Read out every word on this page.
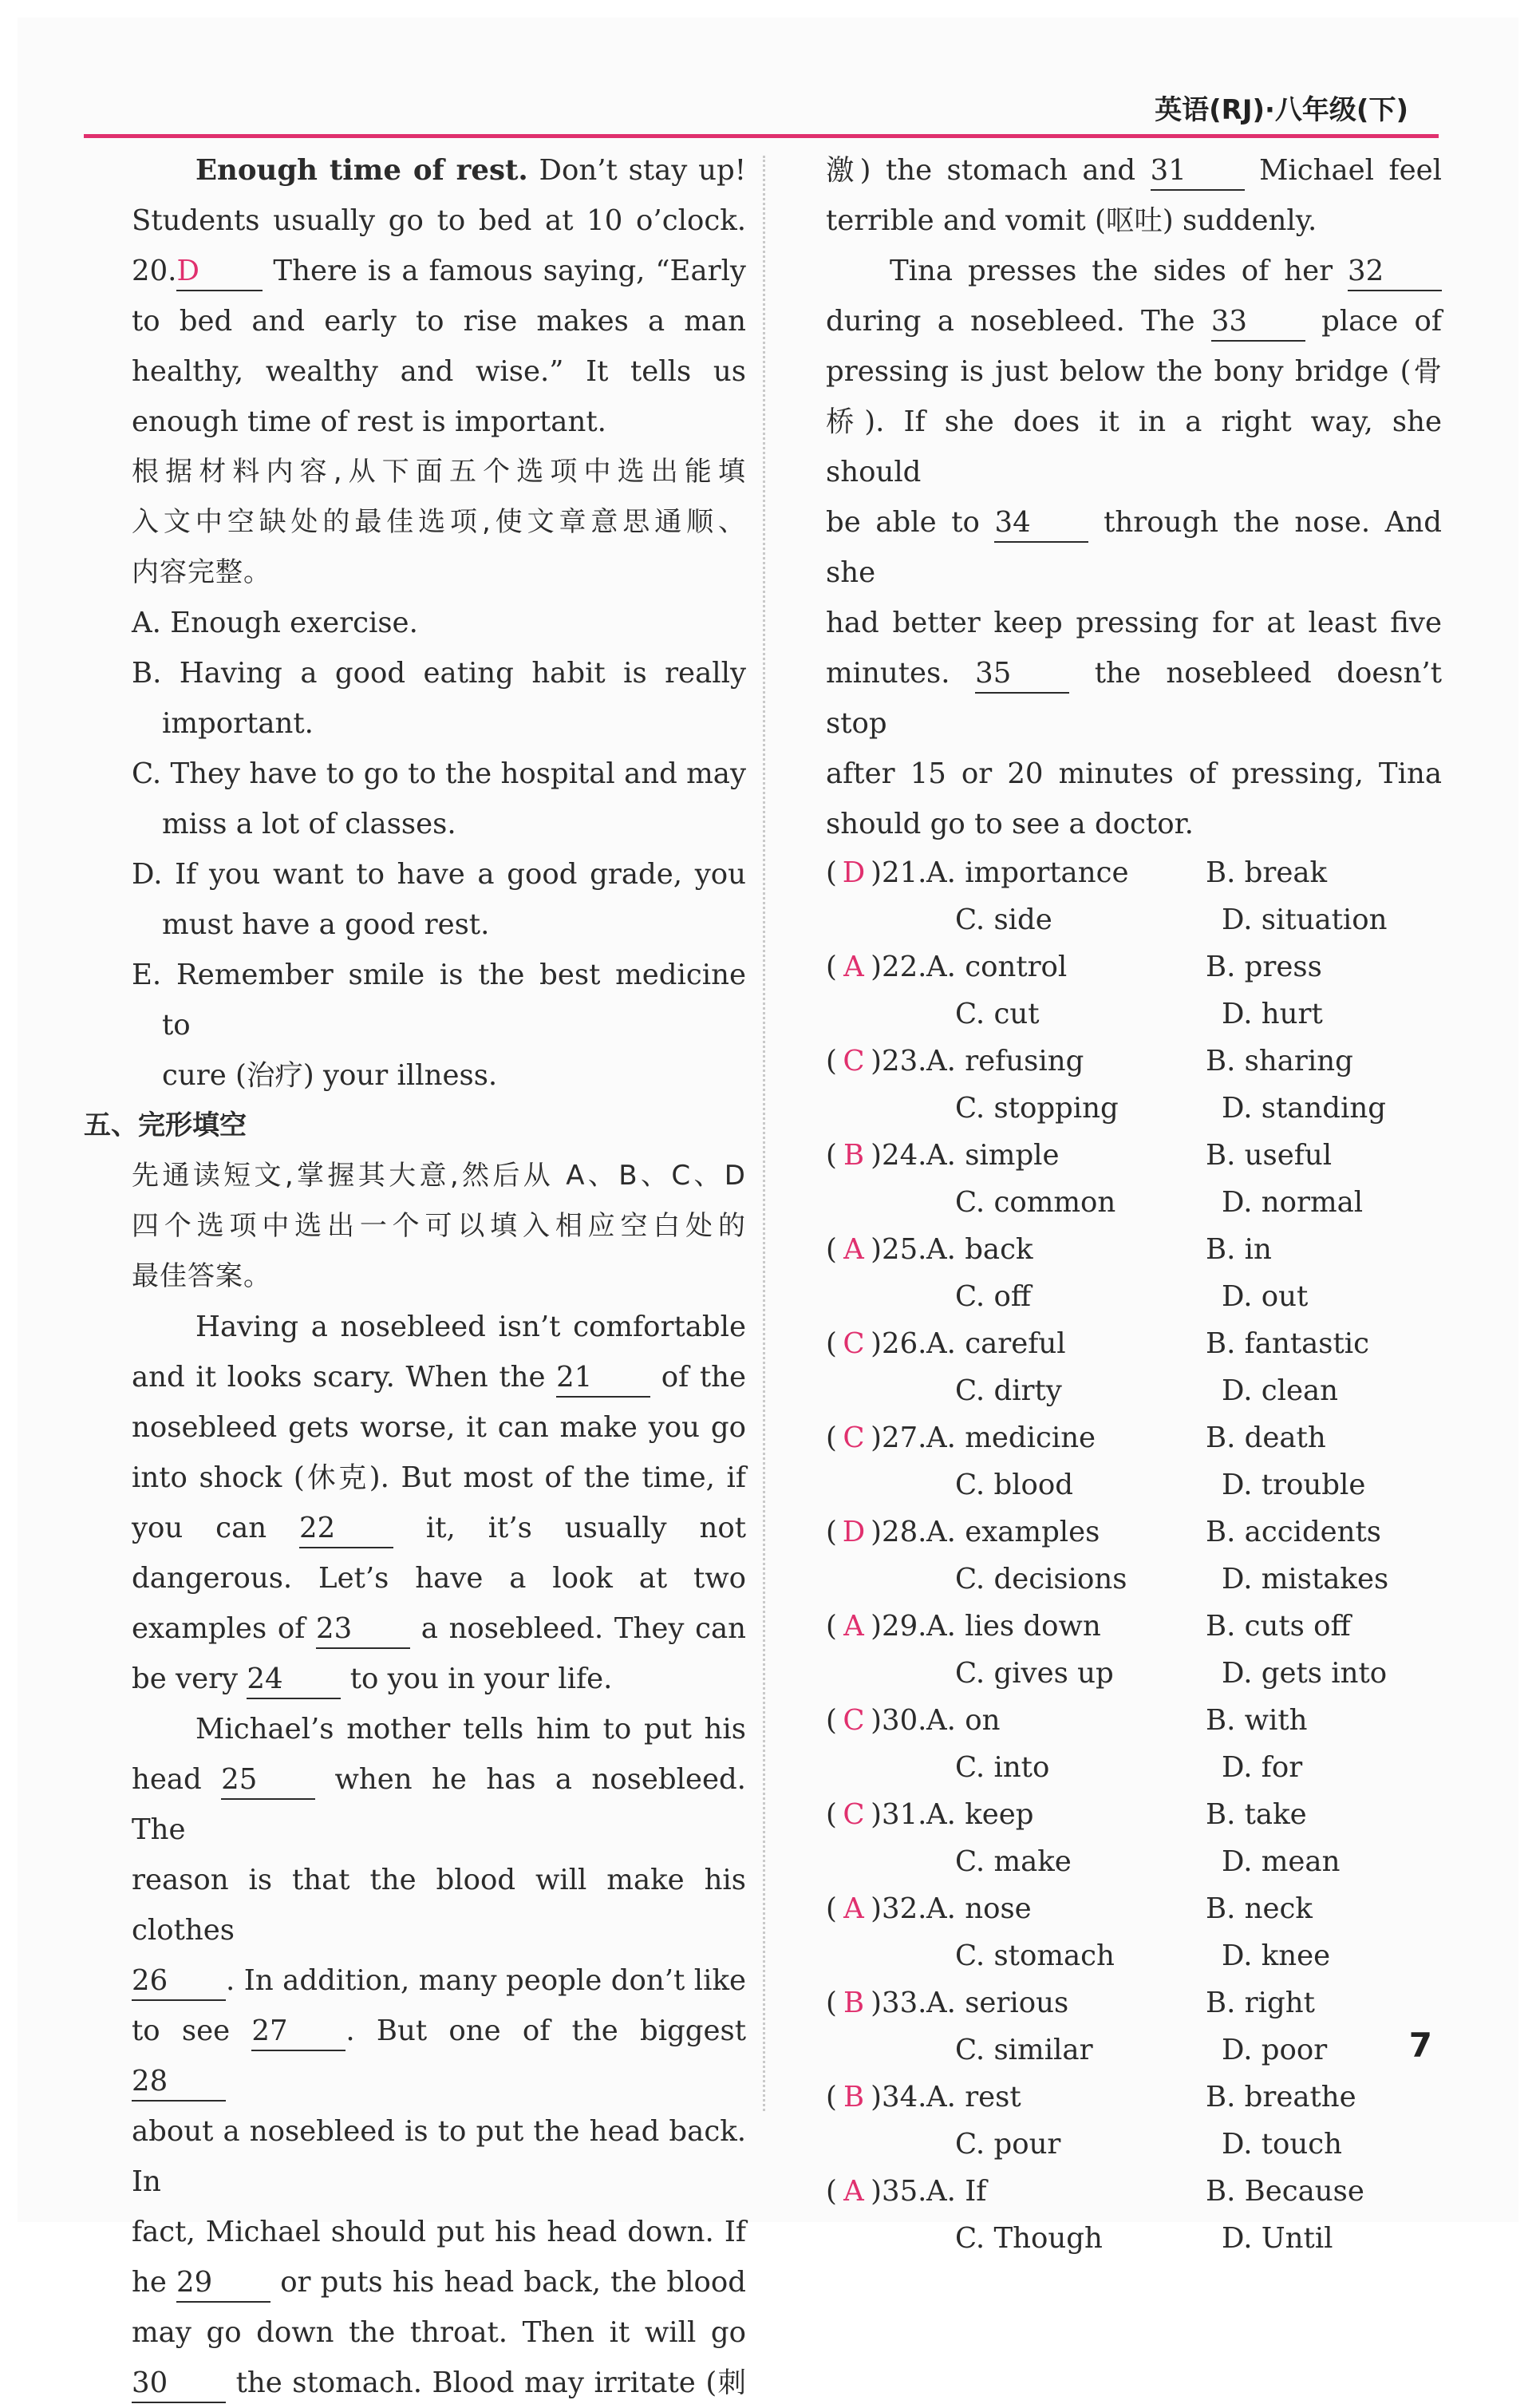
英语(RJ)·八年级(下)

Enough time of rest. Don’t stay up!

Students usually go to bed at 10 o’clock.

20.D	There is a famous saying, “Early

to bed and early to rise makes a man

healthy, wealthy and wise.” It tells us

enough time of rest is important.

根据材料内容,从下面五个选项中选出能填

入文中空缺处的最佳选项,使文章意思通顺、

内容完整。

A. Enough exercise.

B. Having a good eating habit is really important.

C. They have to go to the hospital and may

miss a lot of classes.

D. If you want to have a good grade, you

must have a good rest.

E. Remember smile is the best medicine to

cure (治疗) your illness.

五、完形填空

先通读短文,掌握其大意,然后从 A、B、C、D

四个选项中选出一个可以填入相应空白处的

最佳答案。

Having a nosebleed isn’t comfortable

and it looks scary. When the 21 of the

nosebleed gets worse, it can make you go

into shock (休克). But most of the time, if

you can 22	it, it’s usually not

dangerous. Let’s have a look at two

examples of 23 a nosebleed. They can

be very 24 to you in your life.

Michael’s mother tells him to put his

head 25	when he has a nosebleed. The

reason is that the blood will make his clothes

26 . In addition, many people don’t like

to see 27 . But one of the biggest 28

about a nosebleed is to put the head back. In

fact, Michael should put his head down. If

he 29 or puts his head back, the blood

may go down the throat. Then it will go

30 the stomach. Blood may irritate (刺

激) the stomach and 31	Michael feel

terrible and vomit (呕吐) suddenly.

Tina presses the sides of her 32

during a nosebleed. The 33	place of

pressing is just below the bony bridge (骨

桥). If she does it in a right way, she should

be able to 34	through the nose. And she

had better keep pressing for at least five

minutes. 35	the nosebleed doesn’t stop

after 15 or 20 minutes of pressing, Tina

should go to see a doctor.

( D ) 21. A. importance	B. break
C. side	D. situation
( A ) 22. A. control	B. press
C. cut	D. hurt
( C ) 23. A. refusing	B. sharing
C. stopping	D. standing
( B ) 24. A. simple	B. useful
C. common	D. normal
( A ) 25. A. back	B. in
C. off	D. out
( C ) 26. A. careful	B. fantastic
C. dirty	D. clean
( C ) 27. A. medicine	B. death
C. blood	D. trouble
( D ) 28. A. examples	B. accidents
C. decisions	D. mistakes
( A ) 29. A. lies down	B. cuts off
C. gives up	D. gets into
( C ) 30. A. on	B. with
C. into	D. for
( C ) 31. A. keep	B. take
C. make	D. mean
( A ) 32. A. nose	B. neck
C. stomach	D. knee
( B ) 33. A. serious	B. right
C. similar	D. poor
( B ) 34. A. rest	B. breathe
C. pour	D. touch
( A ) 35. A. If	B. Because
C. Though	D. Until
7
